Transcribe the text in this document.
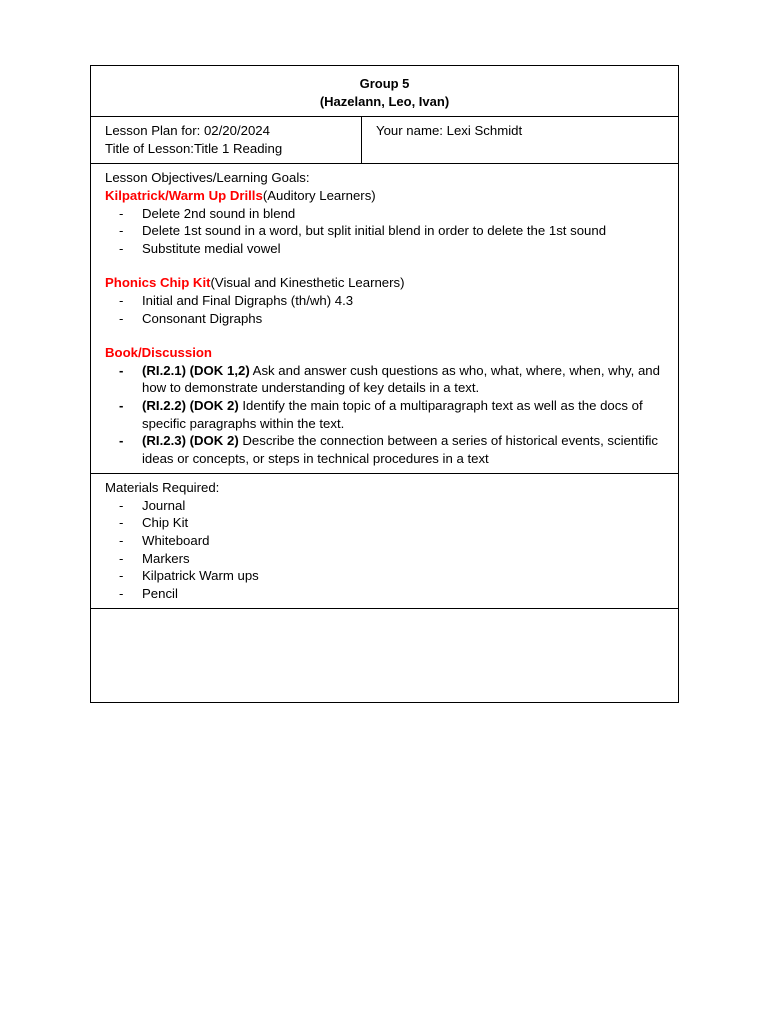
Group 5
(Hazelann, Leo, Ivan)

Lesson Plan for: 02/20/2024
Title of Lesson:Title 1 Reading

Your name: Lexi Schmidt

Lesson Objectives/Learning Goals:
Kilpatrick/Warm Up Drills(Auditory Learners)
- Delete 2nd sound in blend
- Delete 1st sound in a word, but split initial blend in order to delete the 1st sound
- Substitute medial vowel
Phonics Chip Kit(Visual and Kinesthetic Learners)
- Initial and Final Digraphs (th/wh) 4.3
- Consonant Digraphs
Book/Discussion
- (RI.2.1) (DOK 1,2) Ask and answer cush questions as who, what, where, when, why, and how to demonstrate understanding of key details in a text.
- (RI.2.2) (DOK 2) Identify the main topic of a multiparagraph text as well as the docs of specific paragraphs within the text.
- (RI.2.3) (DOK 2) Describe the connection between a series of historical events, scientific ideas or concepts, or steps in technical procedures in a text

Materials Required:
- Journal
- Chip Kit
- Whiteboard
- Markers
- Kilpatrick Warm ups
- Pencil
